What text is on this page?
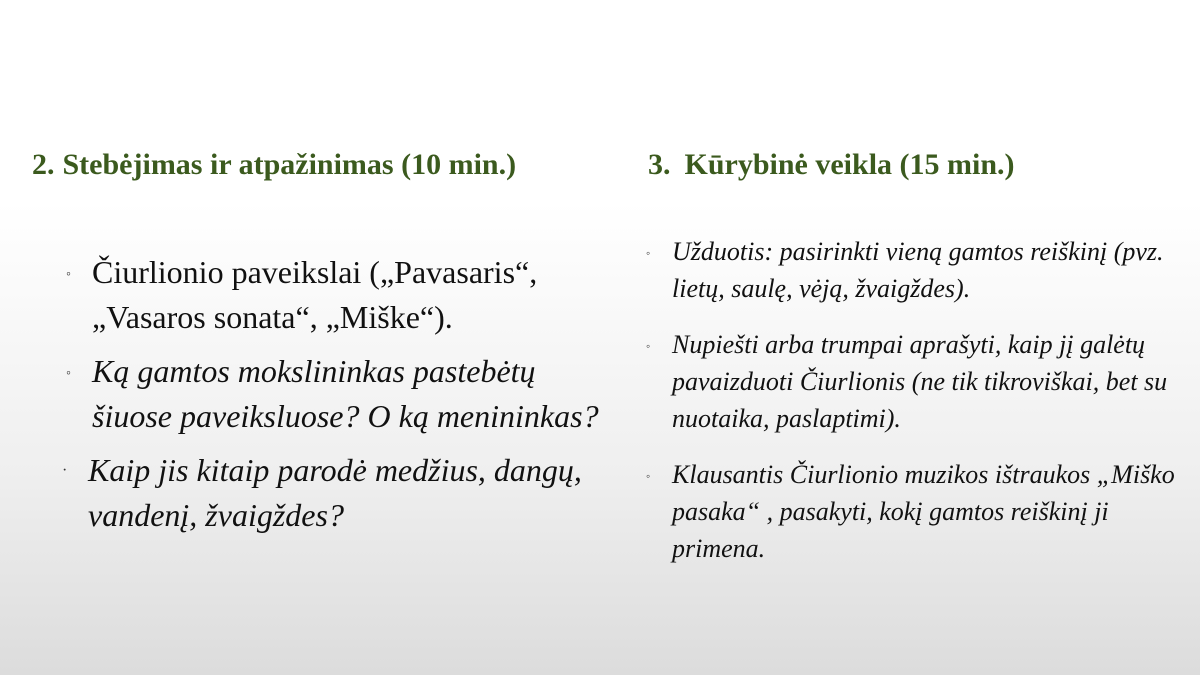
2. Stebėjimas ir atpažinimas (10 min.)	3. Kūrybinė veikla (15 min.)
◦ Čiurlionio paveikslai („Pavasaris“, „Vasaros sonata“, „Miške“).
◦ Ką gamtos mokslininkas pastebėtų šiuose paveiksluose? O ką menininkas?
· Kaip jis kitaip parodė medžius, dangų, vandenį, žvaigždes?
◦ Užduotis: pasirinkti vieną gamtos reiškinį (pvz. lietų, saulę, vėją, žvaigždes).
◦ Nupiešti arba trumpai aprašyti, kaip jį galėtų pavaizduoti Čiurlionis (ne tik tikroviškai, bet su nuotaika, paslaptimi).
◦ Klausantis Čiurlionio muzikos ištraukos „Miško pasaka“ , pasakyti, kokį gamtos reiškinį ji primena.
